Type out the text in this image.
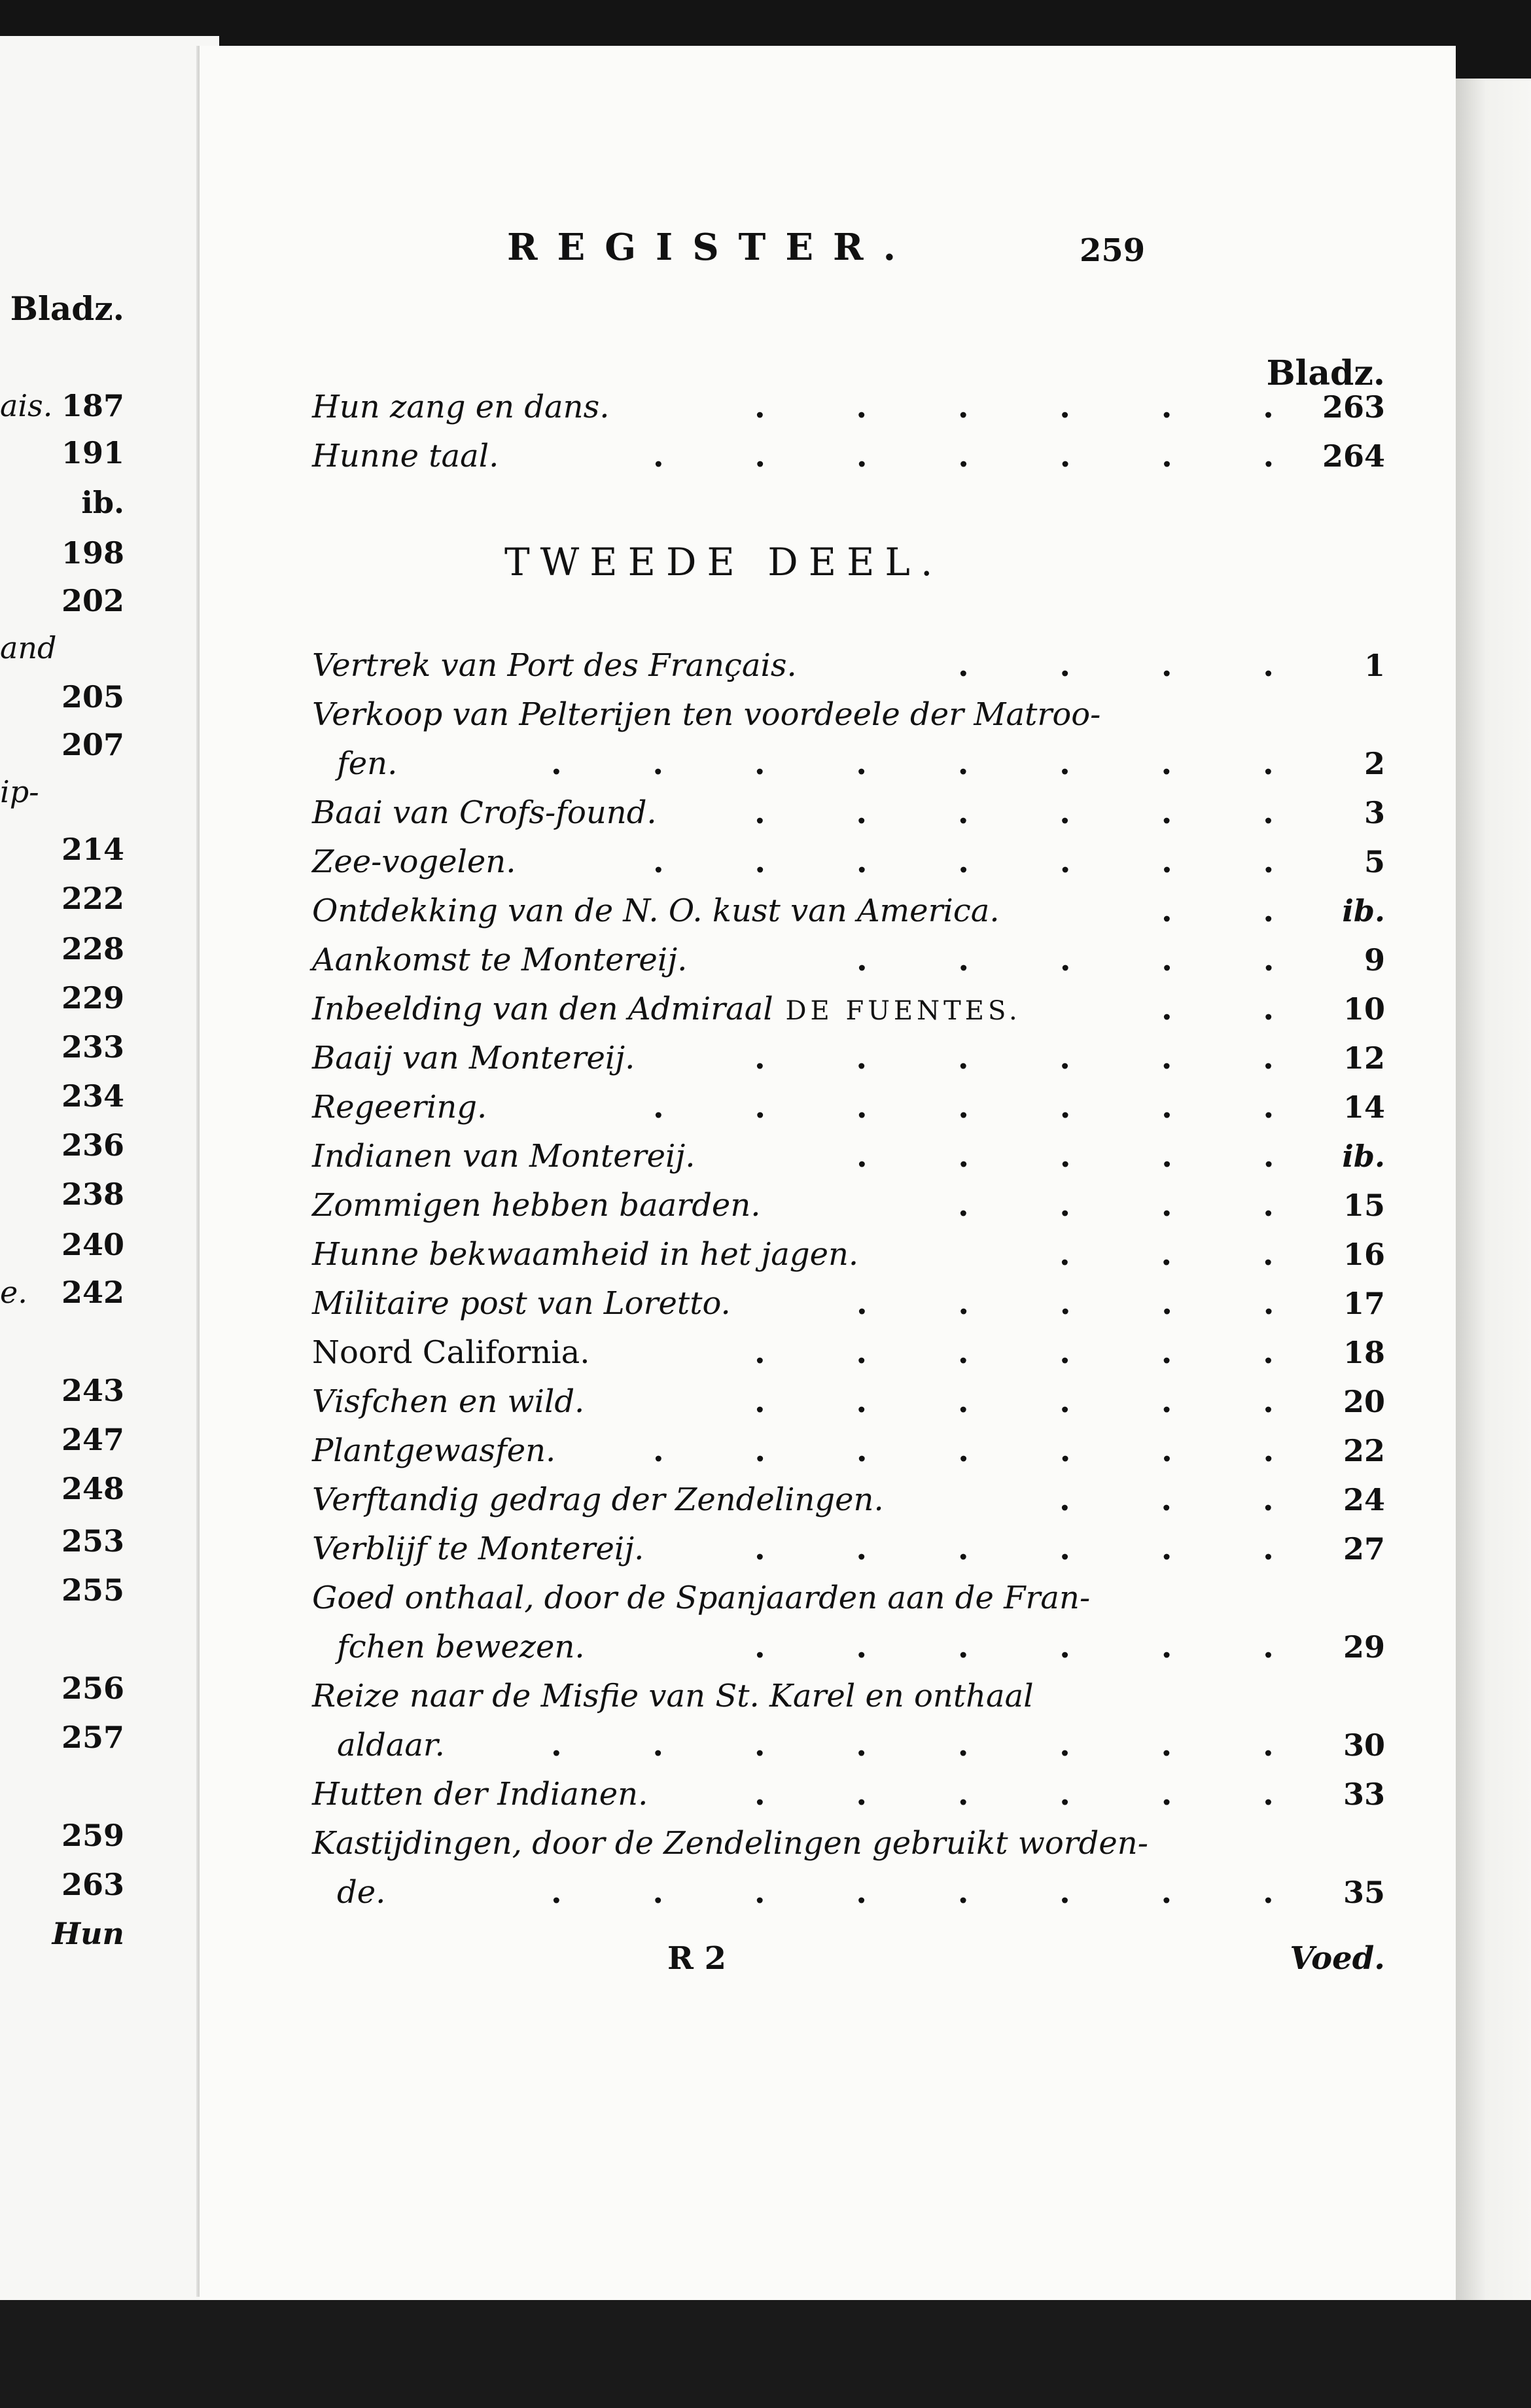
Bladz.
ais. 187
191
ib.
198
202
and
205
207
ip-
214
222
228
229
233
234
236
238
240
e.	242
243
247
248
253
255
256
257
259
263
Hun
REGISTER.	259
Bladz.
Hun zang en dans.	. . . . . .	263
Hunne taal.	. . . . . . .	264
TWEEDE DEEL.
Vertrek van Port des Français.	. . . .	1
Verkoop van Pelterijen ten voordeele der Matroo-
fen.	. . . . . . . .	2
Baai van Crofs-found.	. . . . . .	3
Zee-vogelen.	. . . . . . .	5
Ontdekking van de N. O. kust van America.	. .	ib.
Aankomst te Montereij.	. . . . .	9
Inbeelding van den Admiraal DE FUENTES.	. .	10
Baaij van Montereij.	. . . . . .	12
Regeering.	. . . . . . .	14
Indianen van Montereij.	. . . . .	ib.
Zommigen hebben baarden.	. . . .	15
Hunne bekwaamheid in het jagen.	. . .	16
Militaire post van Loretto.	. . . . .	17
Noord California.	. . . . . .	18
Visfchen en wild.	. . . . . .	20
Plantgewasfen.	. . . . . . .	22
Verftandig gedrag der Zendelingen.	. . .	24
Verblijf te Montereij.	. . . . . .	27
Goed onthaal, door de Spanjaarden aan de Fran-
fchen bewezen.	. . . . . .	29
Reize naar de Misfie van St. Karel en onthaal
aldaar.	. . . . . . . .	30
Hutten der Indianen.	. . . . . .	33
Kastijdingen, door de Zendelingen gebruikt worden-
de.	. . . . . . . .	35
R 2	Voed.
